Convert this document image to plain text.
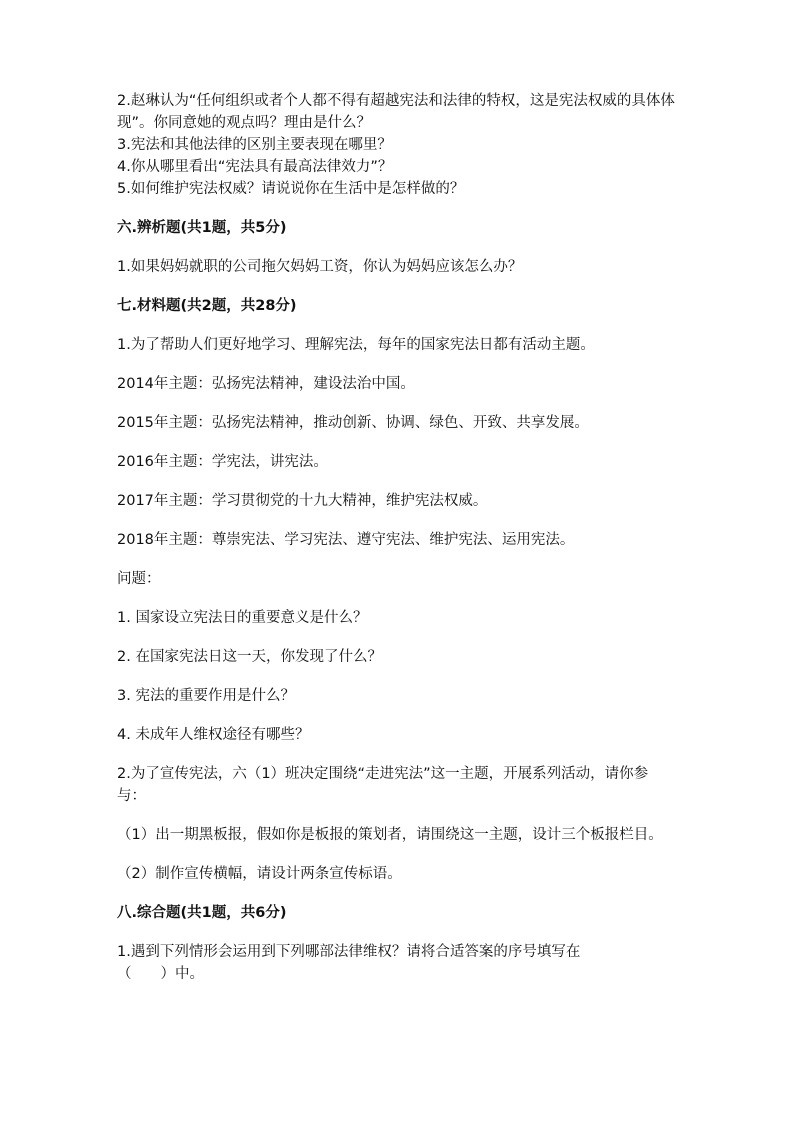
2.赵琳认为“任何组织或者个人都不得有超越宪法和法律的特权，这是宪法权威的具体体现”。你同意她的观点吗？理由是什么？

3.宪法和其他法律的区别主要表现在哪里？

4.你从哪里看出“宪法具有最高法律效力”？

5.如何维护宪法权威？请说说你在生活中是怎样做的？

六.辨析题(共1题，共5分)

1.如果妈妈就职的公司拖欠妈妈工资，你认为妈妈应该怎么办？

七.材料题(共2题，共28分)

1.为了帮助人们更好地学习、理解宪法，每年的国家宪法日都有活动主题。

2014年主题：弘扬宪法精神，建设法治中国。

2015年主题：弘扬宪法精神，推动创新、协调、绿色、开致、共享发展。

2016年主题：学宪法，讲宪法。

2017年主题：学习贯彻党的十九大精神，维护宪法权威。

2018年主题：尊崇宪法、学习宪法、遵守宪法、维护宪法、运用宪法。

问题：

1. 国家设立宪法日的重要意义是什么？

2. 在国家宪法日这一天，你发现了什么？

3. 宪法的重要作用是什么？

4. 未成年人维权途径有哪些？

2.为了宣传宪法，六（1）班决定围绕“走进宪法”这一主题，开展系列活动，请你参与：

（1）出一期黑板报，假如你是板报的策划者，请围绕这一主题，设计三个板报栏目。

（2）制作宣传横幅，请设计两条宣传标语。

八.综合题(共1题，共6分)

1.遇到下列情形会运用到下列哪部法律维权？请将合适答案的序号填写在

（　　）中。
